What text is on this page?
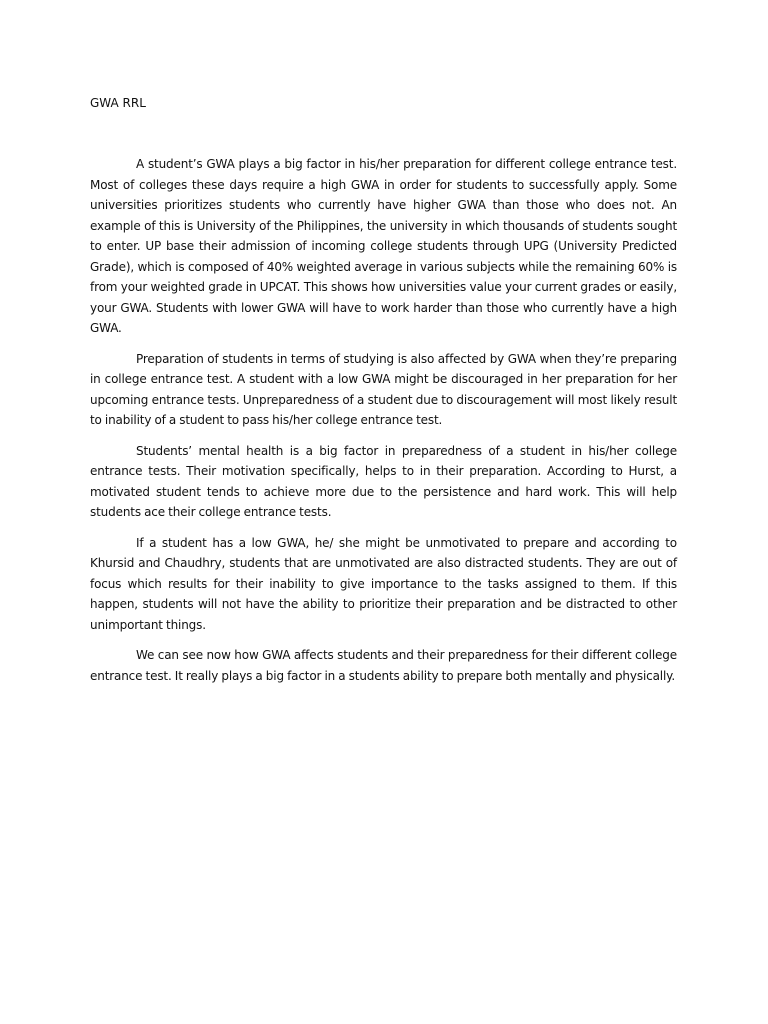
GWA RRL

A student’s GWA plays a big factor in his/her preparation for different college entrance test. Most of colleges these days require a high GWA in order for students to successfully apply. Some universities prioritizes students who currently have higher GWA than those who does not. An example of this is University of the Philippines, the university in which thousands of students sought to enter. UP base their admission of incoming college students through UPG (University Predicted Grade), which is composed of 40% weighted average in various subjects while the remaining 60% is from your weighted grade in UPCAT. This shows how universities value your current grades or easily, your GWA. Students with lower GWA will have to work harder than those who currently have a high GWA.

Preparation of students in terms of studying is also affected by GWA when they’re preparing in college entrance test. A student with a low GWA might be discouraged in her preparation for her upcoming entrance tests. Unpreparedness of a student due to discouragement will most likely result to inability of a student to pass his/her college entrance test.

Students’ mental health is a big factor in preparedness of a student in his/her college entrance tests. Their motivation specifically, helps to in their preparation. According to Hurst, a motivated student tends to achieve more due to the persistence and hard work. This will help students ace their college entrance tests.

If a student has a low GWA, he/ she might be unmotivated to prepare and according to Khursid and Chaudhry, students that are unmotivated are also distracted students. They are out of focus which results for their inability to give importance to the tasks assigned to them. If this happen, students will not have the ability to prioritize their preparation and be distracted to other unimportant things.

We can see now how GWA affects students and their preparedness for their different college entrance test. It really plays a big factor in a students ability to prepare both mentally and physically.
